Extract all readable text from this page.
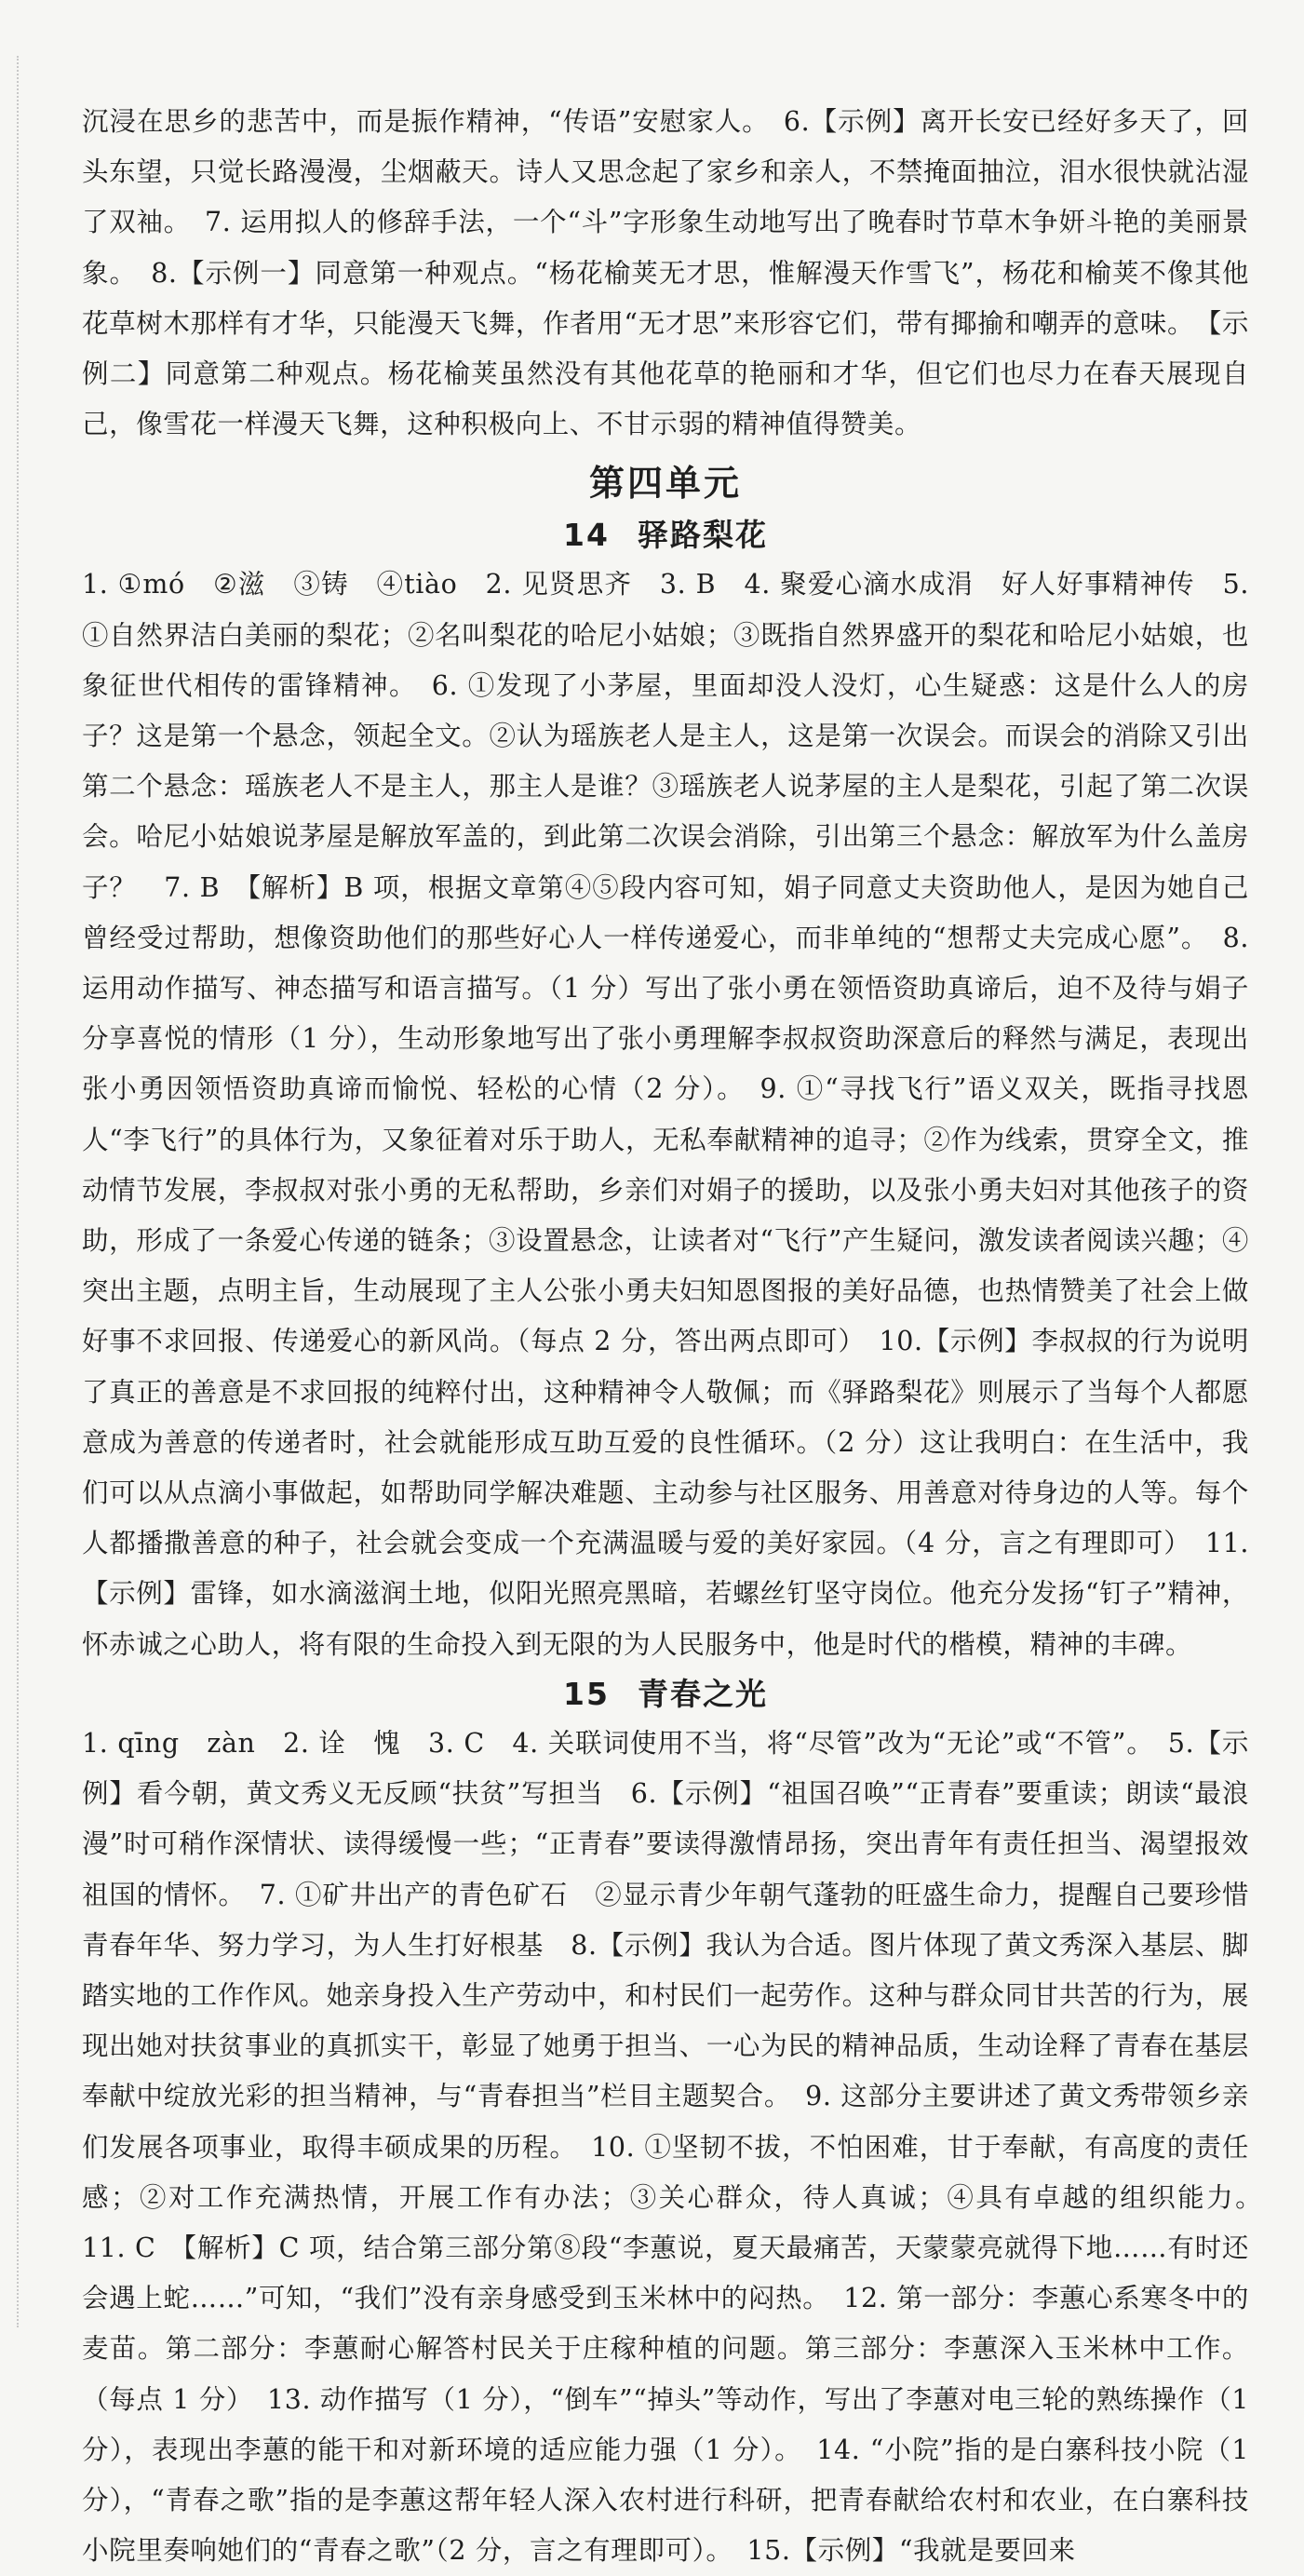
沉浸在思乡的悲苦中，而是振作精神，“传语”安慰家人。　6.【示例】离开长安已经好多天了，回头东望，只觉长路漫漫，尘烟蔽天。诗人又思念起了家乡和亲人，不禁掩面抽泣，泪水很快就沾湿了双袖。　7. 运用拟人的修辞手法，一个“斗”字形象生动地写出了晚春时节草木争妍斗艳的美丽景象。　8.【示例一】同意第一种观点。“杨花榆荚无才思，惟解漫天作雪飞”，杨花和榆荚不像其他花草树木那样有才华，只能漫天飞舞，作者用“无才思”来形容它们，带有揶揄和嘲弄的意味。　【示例二】同意第二种观点。杨花榆荚虽然没有其他花草的艳丽和才华，但它们也尽力在春天展现自己，像雪花一样漫天飞舞，这种积极向上、不甘示弱的精神值得赞美。

第四单元
14 驿路梨花

1. ①mó　②滋　③铸　④tiào　2. 见贤思齐　3. B　4. 聚爱心滴水成涓　好人好事精神传　5. ①自然界洁白美丽的梨花；②名叫梨花的哈尼小姑娘；③既指自然界盛开的梨花和哈尼小姑娘，也象征世代相传的雷锋精神。　6. ①发现了小茅屋，里面却没人没灯，心生疑惑：这是什么人的房子？这是第一个悬念，领起全文。②认为瑶族老人是主人，这是第一次误会。而误会的消除又引出第二个悬念：瑶族老人不是主人，那主人是谁？③瑶族老人说茅屋的主人是梨花，引起了第二次误会。哈尼小姑娘说茅屋是解放军盖的，到此第二次误会消除，引出第三个悬念：解放军为什么盖房子？　7. B　【解析】B 项，根据文章第④⑤段内容可知，娟子同意丈夫资助他人，是因为她自己曾经受过帮助，想像资助他们的那些好心人一样传递爱心，而非单纯的“想帮丈夫完成心愿”。　8. 运用动作描写、神态描写和语言描写。（1 分）写出了张小勇在领悟资助真谛后，迫不及待与娟子分享喜悦的情形（1 分），生动形象地写出了张小勇理解李叔叔资助深意后的释然与满足，表现出张小勇因领悟资助真谛而愉悦、轻松的心情（2 分）。　9. ①“寻找飞行”语义双关，既指寻找恩人“李飞行”的具体行为，又象征着对乐于助人，无私奉献精神的追寻；②作为线索，贯穿全文，推动情节发展，李叔叔对张小勇的无私帮助，乡亲们对娟子的援助，以及张小勇夫妇对其他孩子的资助，形成了一条爱心传递的链条；③设置悬念，让读者对“飞行”产生疑问，激发读者阅读兴趣；④突出主题，点明主旨，生动展现了主人公张小勇夫妇知恩图报的美好品德，也热情赞美了社会上做好事不求回报、传递爱心的新风尚。（每点 2 分，答出两点即可）　10.【示例】李叔叔的行为说明了真正的善意是不求回报的纯粹付出，这种精神令人敬佩；而《驿路梨花》则展示了当每个人都愿意成为善意的传递者时，社会就能形成互助互爱的良性循环。（2 分）这让我明白：在生活中，我们可以从点滴小事做起，如帮助同学解决难题、主动参与社区服务、用善意对待身边的人等。每个人都播撒善意的种子，社会就会变成一个充满温暖与爱的美好家园。（4 分，言之有理即可）　11.【示例】雷锋，如水滴滋润土地，似阳光照亮黑暗，若螺丝钉坚守岗位。他充分发扬“钉子”精神，怀赤诚之心助人，将有限的生命投入到无限的为人民服务中，他是时代的楷模，精神的丰碑。

15 青春之光

1. qīng　zàn　2. 诠　愧　3. C　4. 关联词使用不当，将“尽管”改为“无论”或“不管”。　5.【示例】看今朝，黄文秀义无反顾“扶贫”写担当　6.【示例】“祖国召唤”“正青春”要重读；朗读“最浪漫”时可稍作深情状、读得缓慢一些；“正青春”要读得激情昂扬，突出青年有责任担当、渴望报效祖国的情怀。　7. ①矿井出产的青色矿石　②显示青少年朝气蓬勃的旺盛生命力，提醒自己要珍惜青春年华、努力学习，为人生打好根基　8.【示例】我认为合适。图片体现了黄文秀深入基层、脚踏实地的工作作风。她亲身投入生产劳动中，和村民们一起劳作。这种与群众同甘共苦的行为，展现出她对扶贫事业的真抓实干，彰显了她勇于担当、一心为民的精神品质，生动诠释了青春在基层奉献中绽放光彩的担当精神，与“青春担当”栏目主题契合。　9. 这部分主要讲述了黄文秀带领乡亲们发展各项事业，取得丰硕成果的历程。　10. ①坚韧不拔，不怕困难，甘于奉献，有高度的责任感；②对工作充满热情，开展工作有办法；③关心群众，待人真诚；④具有卓越的组织能力。　11. C　【解析】C 项，结合第三部分第⑧段“李蕙说，夏天最痛苦，天蒙蒙亮就得下地……有时还会遇上蛇……”可知，“我们”没有亲身感受到玉米林中的闷热。　12. 第一部分：李蕙心系寒冬中的麦苗。第二部分：李蕙耐心解答村民关于庄稼种植的问题。第三部分：李蕙深入玉米林中工作。（每点 1 分）　13. 动作描写（1 分），“倒车”“掉头”等动作，写出了李蕙对电三轮的熟练操作（1 分），表现出李蕙的能干和对新环境的适应能力强（1 分）。　14. “小院”指的是白寨科技小院（1 分），“青春之歌”指的是李蕙这帮年轻人深入农村进行科研，把青春献给农村和农业，在白寨科技小院里奏响她们的“青春之歌”（2 分，言之有理即可）。　15.【示例】“我就是要回来
